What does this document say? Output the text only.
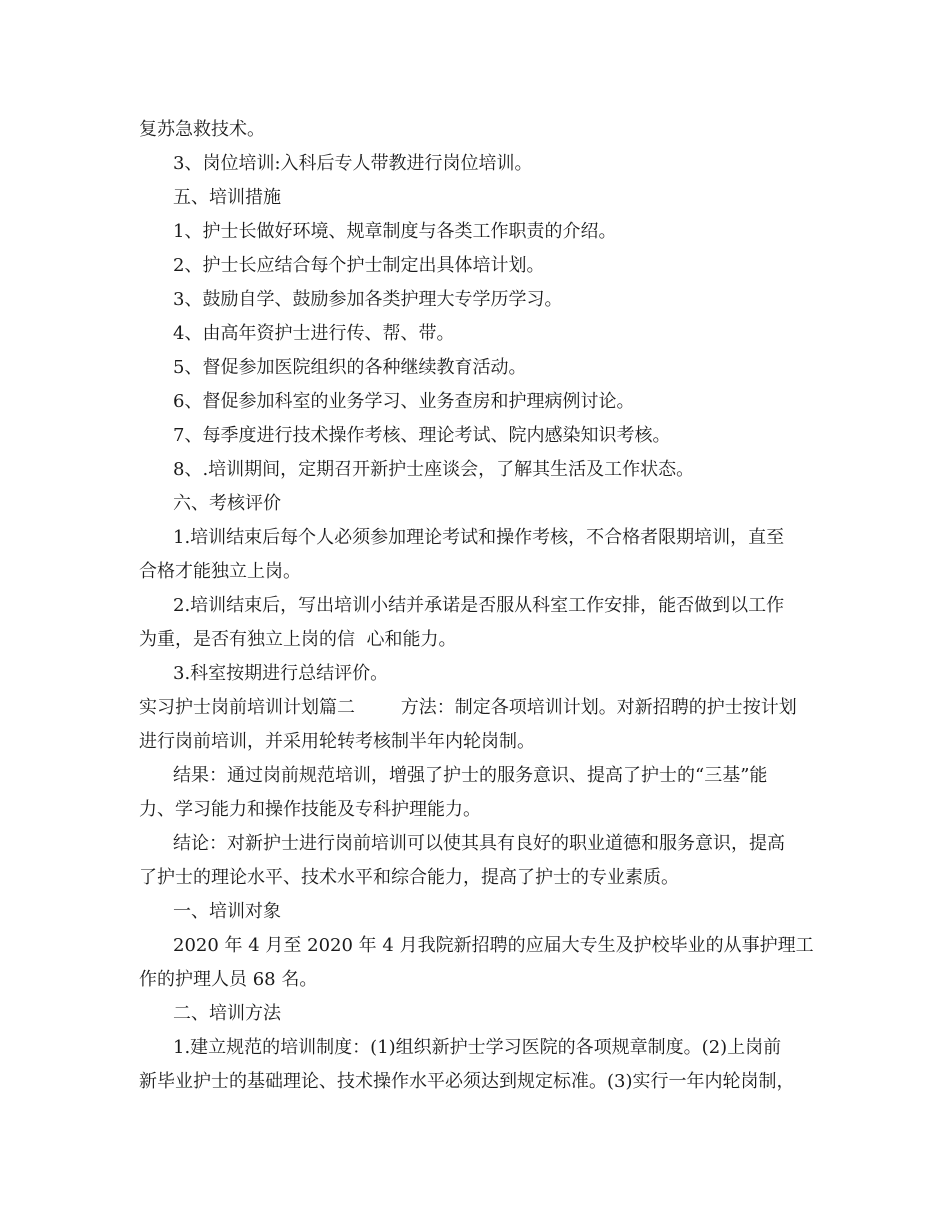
复苏急救技术。
3、岗位培训:入科后专人带教进行岗位培训。
五、培训措施
1、护士长做好环境、规章制度与各类工作职责的介绍。
2、护士长应结合每个护士制定出具体培计划。
3、鼓励自学、鼓励参加各类护理大专学历学习。
4、由高年资护士进行传、帮、带。
5、督促参加医院组织的各种继续教育活动。
6、督促参加科室的业务学习、业务查房和护理病例讨论。
7、每季度进行技术操作考核、理论考试、院内感染知识考核。
8、.培训期间，定期召开新护士座谈会，了解其生活及工作状态。
六、考核评价
1.培训结束后每个人必须参加理论考试和操作考核，不合格者限期培训，直至
合格才能独立上岗。
2.培训结束后，写出培训小结并承诺是否服从科室工作安排，能否做到以工作
为重，是否有独立上岗的信  心和能力。
3.科室按期进行总结评价。
实习护士岗前培训计划篇二        方法：制定各项培训计划。对新招聘的护士按计划
进行岗前培训，并采用轮转考核制半年内轮岗制。
结果：通过岗前规范培训，增强了护士的服务意识、提高了护士的“三基”能
力、学习能力和操作技能及专科护理能力。
结论：对新护士进行岗前培训可以使其具有良好的职业道德和服务意识，提高
了护士的理论水平、技术水平和综合能力，提高了护士的专业素质。
一、培训对象
2020 年 4 月至 2020 年 4 月我院新招聘的应届大专生及护校毕业的从事护理工
作的护理人员 68 名。
二、培训方法
1.建立规范的培训制度：(1)组织新护士学习医院的各项规章制度。(2)上岗前
新毕业护士的基础理论、技术操作水平必须达到规定标准。(3)实行一年内轮岗制，
